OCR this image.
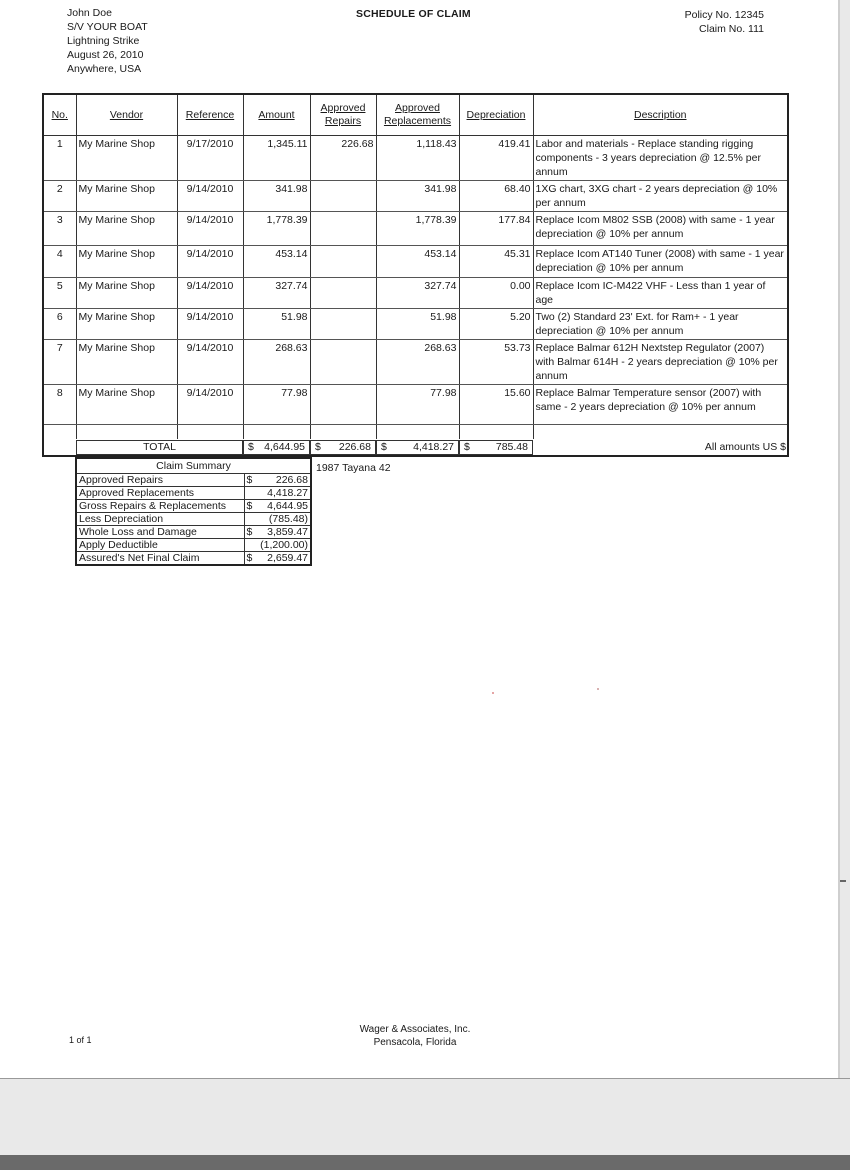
John Doe
S/V YOUR BOAT
Lightning Strike
August 26, 2010
Anywhere, USA
SCHEDULE OF CLAIM	Policy No. 12345
Claim No. 111
No.	Vendor	Reference	Amount	Approved Repairs	Approved Replacements	Depreciation	Description
1	My Marine Shop	9/17/2010	1,345.11	226.68	1,118.43	419.41	Labor and materials - Replace standing rigging components - 3 years depreciation @ 12.5% per annum
2	My Marine Shop	9/14/2010	341.98		341.98	68.40	1XG chart, 3XG chart - 2 years depreciation @ 10% per annum
3	My Marine Shop	9/14/2010	1,778.39		1,778.39	177.84	Replace Icom M802 SSB (2008) with same - 1 year depreciation @ 10% per annum
4	My Marine Shop	9/14/2010	453.14		453.14	45.31	Replace Icom AT140 Tuner (2008) with same - 1 year depreciation @ 10% per annum
5	My Marine Shop	9/14/2010	327.74		327.74	0.00	Replace Icom IC-M422 VHF - Less than 1 year of age
6	My Marine Shop	9/14/2010	51.98		51.98	5.20	Two (2) Standard 23' Ext. for Ram+ - 1 year depreciation @ 10% per annum
7	My Marine Shop	9/14/2010	268.63		268.63	53.73	Replace Balmar 612H Nextstep Regulator (2007) with Balmar 614H - 2 years depreciation @ 10% per annum
8	My Marine Shop	9/14/2010	77.98		77.98	15.60	Replace Balmar Temperature sensor (2007) with same - 2 years depreciation @ 10% per annum

	TOTAL		$ 4,644.95	$ 226.68	$ 4,418.27	$ 785.48	All amounts US $
Claim Summary	
Approved Repairs	$ 226.68
Approved Replacements	4,418.27
Gross Repairs & Replacements	$ 4,644.95
Less Depreciation	(785.48)
Whole Loss and Damage	$ 3,859.47
Apply Deductible	(1,200.00)
Assured's Net Final Claim	$ 2,659.47
1987 Tayana 42
1 of 1
Wager & Associates, Inc.
Pensacola, Florida
